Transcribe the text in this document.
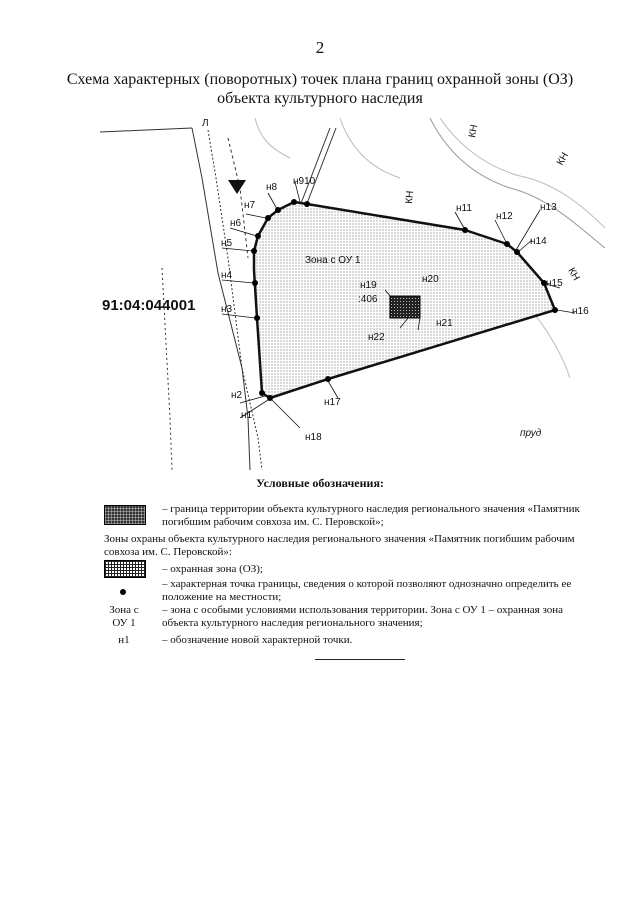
2
Схема характерных (поворотных) точек плана границ охранной зоны (ОЗ)
объекта культурного наследия
Зона с ОУ 1
91:04:044001	:406
Л
пруд
КН
КН
КН
КН
н1
н2
н3
н4
н5
н6
н7
н8
н910
н11
н12
н13
н14
н15
н16
н17
н18
н19
н20
н21
н22
Условные обозначения:
– граница территории объекта культурного наследия регионального значения «Памятник погибшим рабочим совхоза им. С. Перовской»;
Зоны охраны объекта культурного наследия регионального значения «Памятник погибшим рабочим совхоза им. С. Перовской»:
– охранная зона (ОЗ);
– характерная точка границы, сведения о которой позволяют однозначно определить ее положение на местности;
Зона с
ОУ 1
– зона с особыми условиями использования территории. Зона с ОУ 1 – охранная зона объекта культурного наследия регионального значения;
н1	– обозначение новой характерной точки.
